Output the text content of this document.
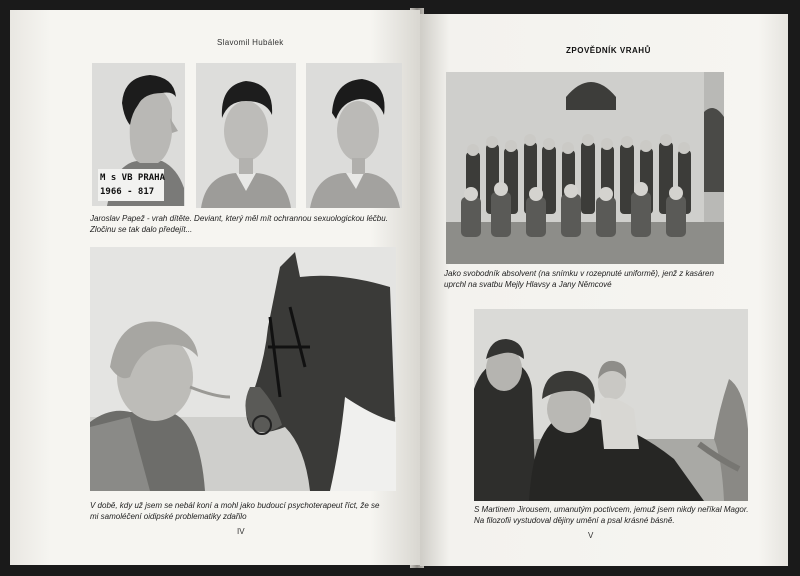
Slavomil Hubálek
M s VB PRAHA
1966 - 817
Jaroslav Papež - vrah dítěte. Deviant, který měl mít ochrannou sexuologickou léčbu. Zločinu se tak dalo předejít...
V době, kdy už jsem se nebál koní a mohl jako budoucí psychoterapeut říct, že se mi samoléčení oidipské problematiky zdařilo
IV
ZPOVĚDNÍK VRAHŮ
Jako svobodník absolvent (na snímku v rozepnuté uniformě), jenž z kasáren uprchl na svatbu Mejly Hlavsy a Jany Němcové
S Martinem Jirousem, umanutým poctivcem, jemuž jsem nikdy neříkal Magor. Na filozofii vystudoval dějiny umění a psal krásné básně.
V
